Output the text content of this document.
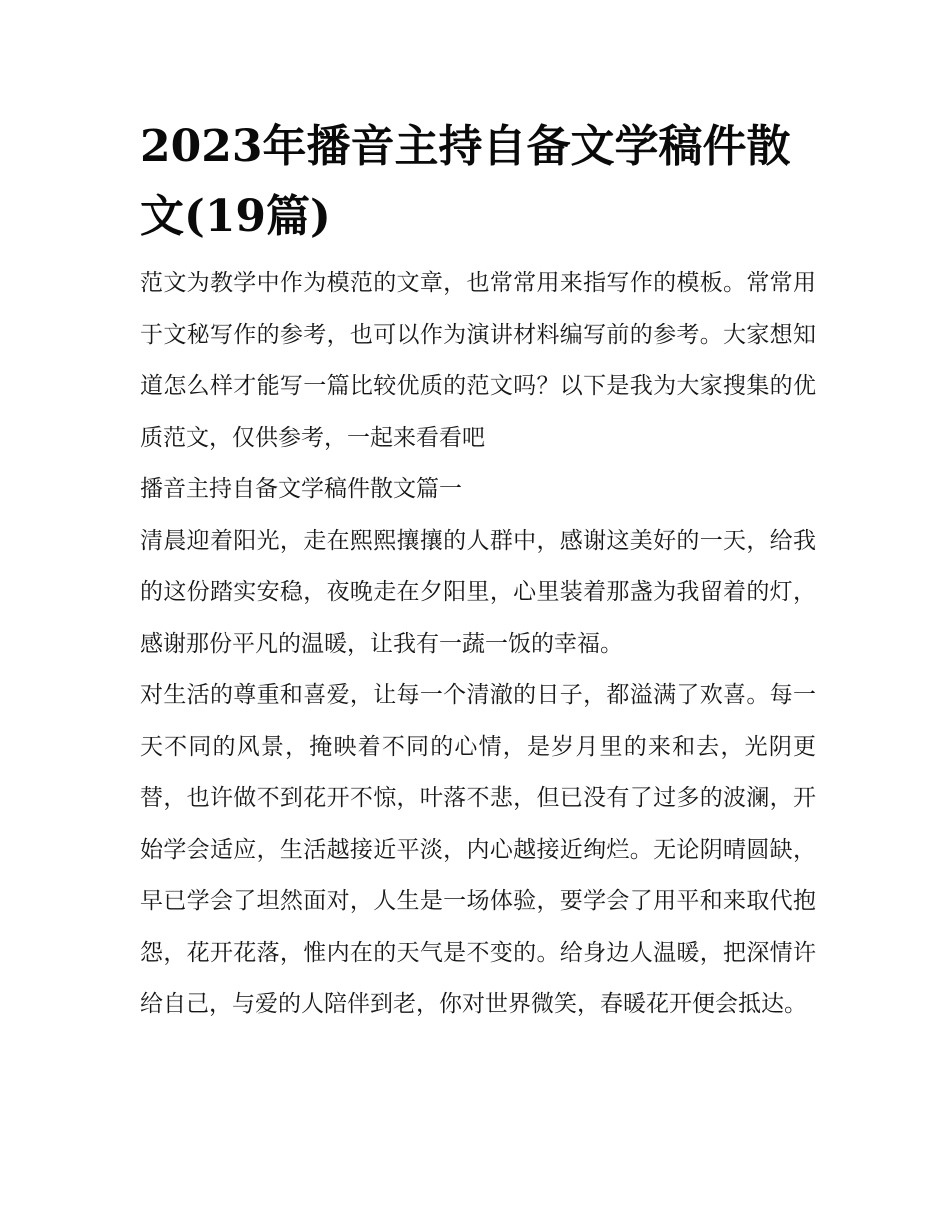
2023年播音主持自备文学稿件散文(19篇)

范文为教学中作为模范的文章，也常常用来指写作的模板。常常用于文秘写作的参考，也可以作为演讲材料编写前的参考。大家想知道怎么样才能写一篇比较优质的范文吗？以下是我为大家搜集的优质范文，仅供参考，一起来看看吧

播音主持自备文学稿件散文篇一

清晨迎着阳光，走在熙熙攘攘的人群中，感谢这美好的一天，给我的这份踏实安稳，夜晚走在夕阳里，心里装着那盏为我留着的灯，感谢那份平凡的温暖，让我有一蔬一饭的幸福。

对生活的尊重和喜爱，让每一个清澈的日子，都溢满了欢喜。每一天不同的风景，掩映着不同的心情，是岁月里的来和去，光阴更替，也许做不到花开不惊，叶落不悲，但已没有了过多的波澜，开始学会适应，生活越接近平淡，内心越接近绚烂。无论阴晴圆缺，早已学会了坦然面对，人生是一场体验，要学会了用平和来取代抱怨，花开花落，惟内在的天气是不变的。给身边人温暖，把深情许给自己，与爱的人陪伴到老，你对世界微笑，春暖花开便会抵达。
